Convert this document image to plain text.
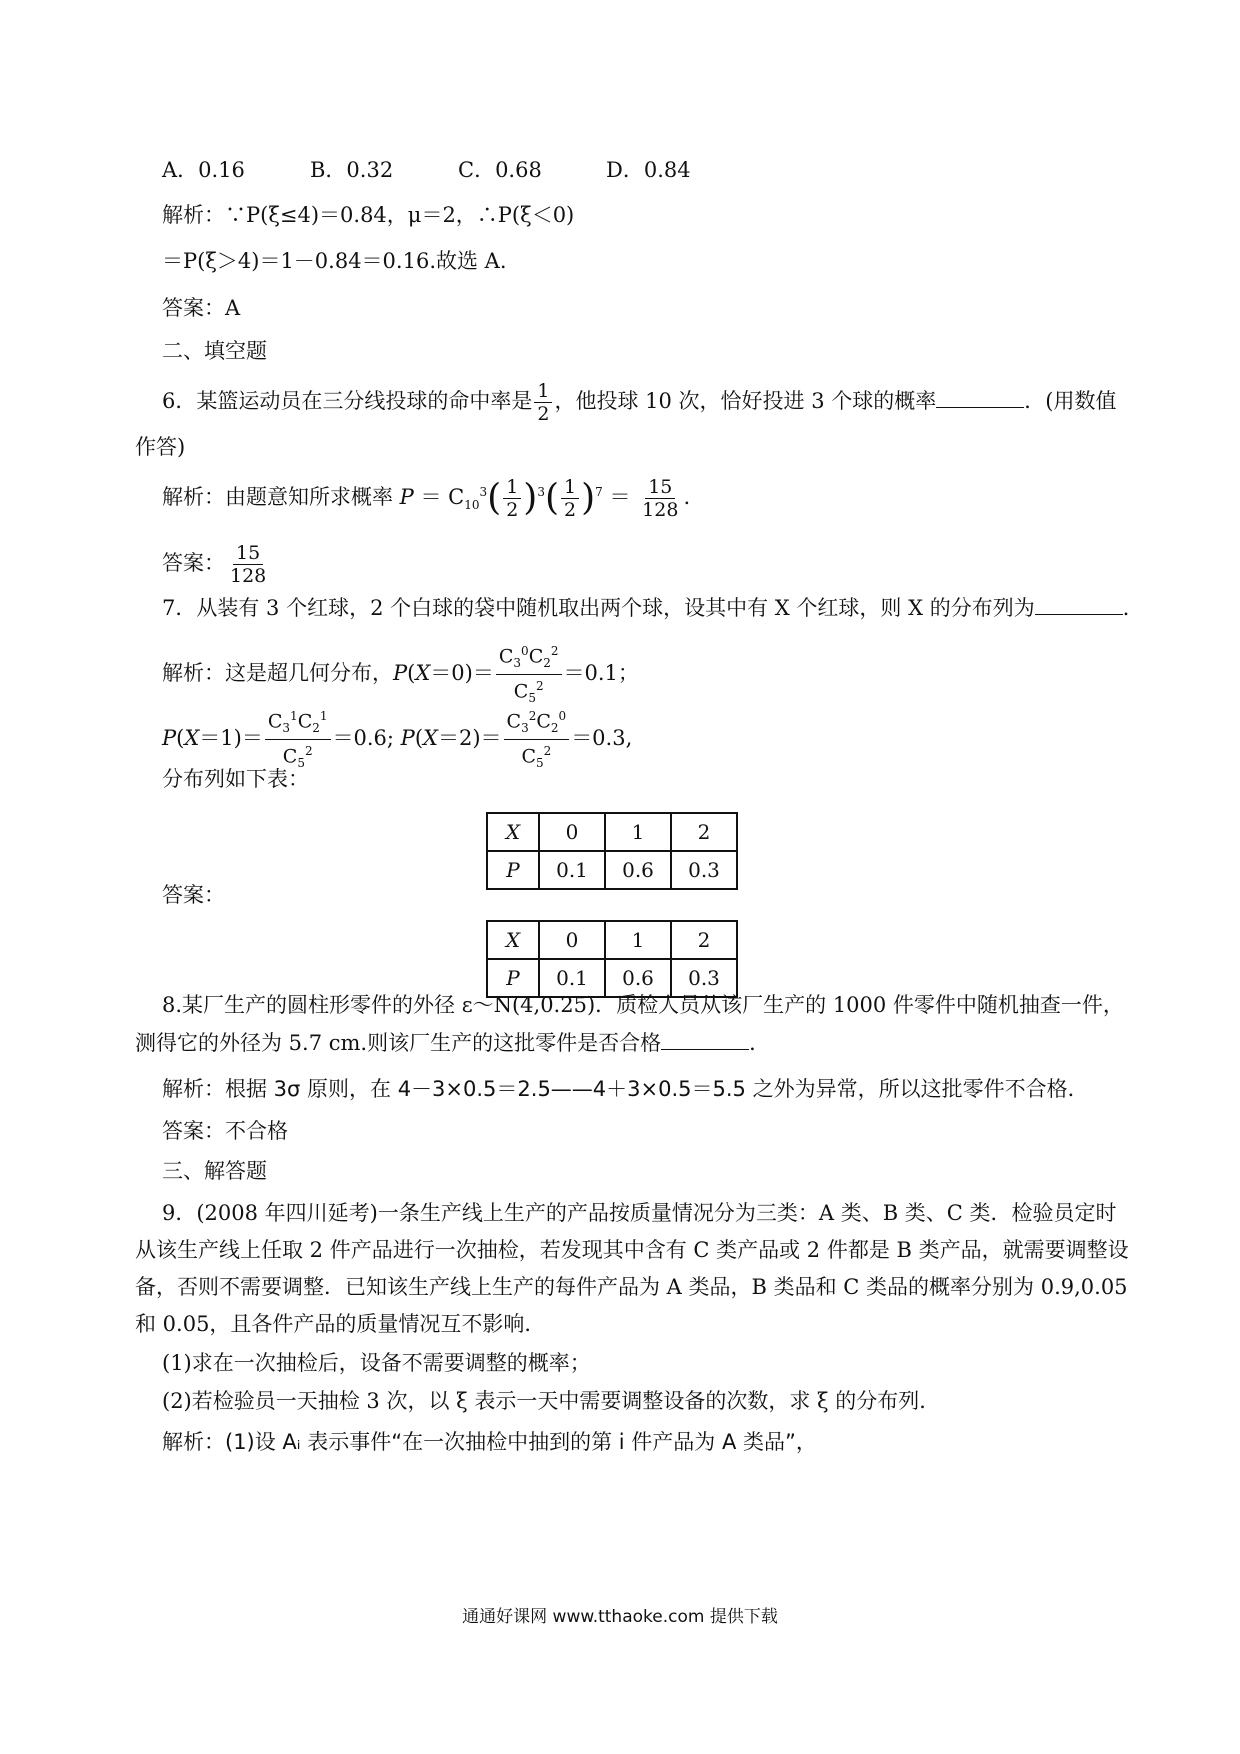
A．0.16	B．0.32	C．0.68	D．0.84
解析：∵P(ξ≤4)＝0.84，μ＝2，∴P(ξ＜0)
＝P(ξ＞4)＝1－0.84＝0.16.故选 A.
答案：A
二、填空题
6．某篮运动员在三分线投球的命中率是 $\frac{1}{2}$ ，他投球 10 次，恰好投进 3 个球的概率	．(用数值
作答)
解析：由题意知所求概率 $P = C_{10}^3( \frac{1}{2} )^3( \frac{1}{2} )^7 = \frac{15}{128}$ .
答案： $\frac{15}{128}$
7．从装有 3 个红球，2 个白球的袋中随机取出两个球，设其中有 X 个红球，则 X 的分布列为	．
解析：这是超几何分布，$P(X=0)= \frac{C_3^0C_2^2}{C_5^2} =0.1$；
$P(X=1)= \frac{C_3^1C_2^1}{C_5^2} =0.6$; $P(X=2)= \frac{C_3^2C_2^0}{C_5^2} =0.3$,
分布列如下表：
X	0	1	2
P	0.1	0.6	0.3
答案：
X	0	1	2
P	0.1	0.6	0.3
8.某厂生产的圆柱形零件的外径 ε～N(4,0.25)．质检人员从该厂生产的 1000 件零件中随机抽查一件，
测得它的外径为 5.7 cm.则该厂生产的这批零件是否合格	．
解析：根据 3σ 原则，在 4－3×0.5＝2.5——4＋3×0.5＝5.5 之外为异常，所以这批零件不合格．
答案：不合格
三、解答题
9．(2008 年四川延考)一条生产线上生产的产品按质量情况分为三类：A 类、B 类、C 类．检验员定时
从该生产线上任取 2 件产品进行一次抽检，若发现其中含有 C 类产品或 2 件都是 B 类产品，就需要调整设
备，否则不需要调整．已知该生产线上生产的每件产品为 A 类品，B 类品和 C 类品的概率分别为 0.9,0.05
和 0.05，且各件产品的质量情况互不影响．
(1)求在一次抽检后，设备不需要调整的概率；
(2)若检验员一天抽检 3 次，以 ξ 表示一天中需要调整设备的次数，求 ξ 的分布列．
解析：(1)设 Aᵢ 表示事件“在一次抽检中抽到的第 i 件产品为 A 类品”，
通通好课网 www.tthaoke.com 提供下载
